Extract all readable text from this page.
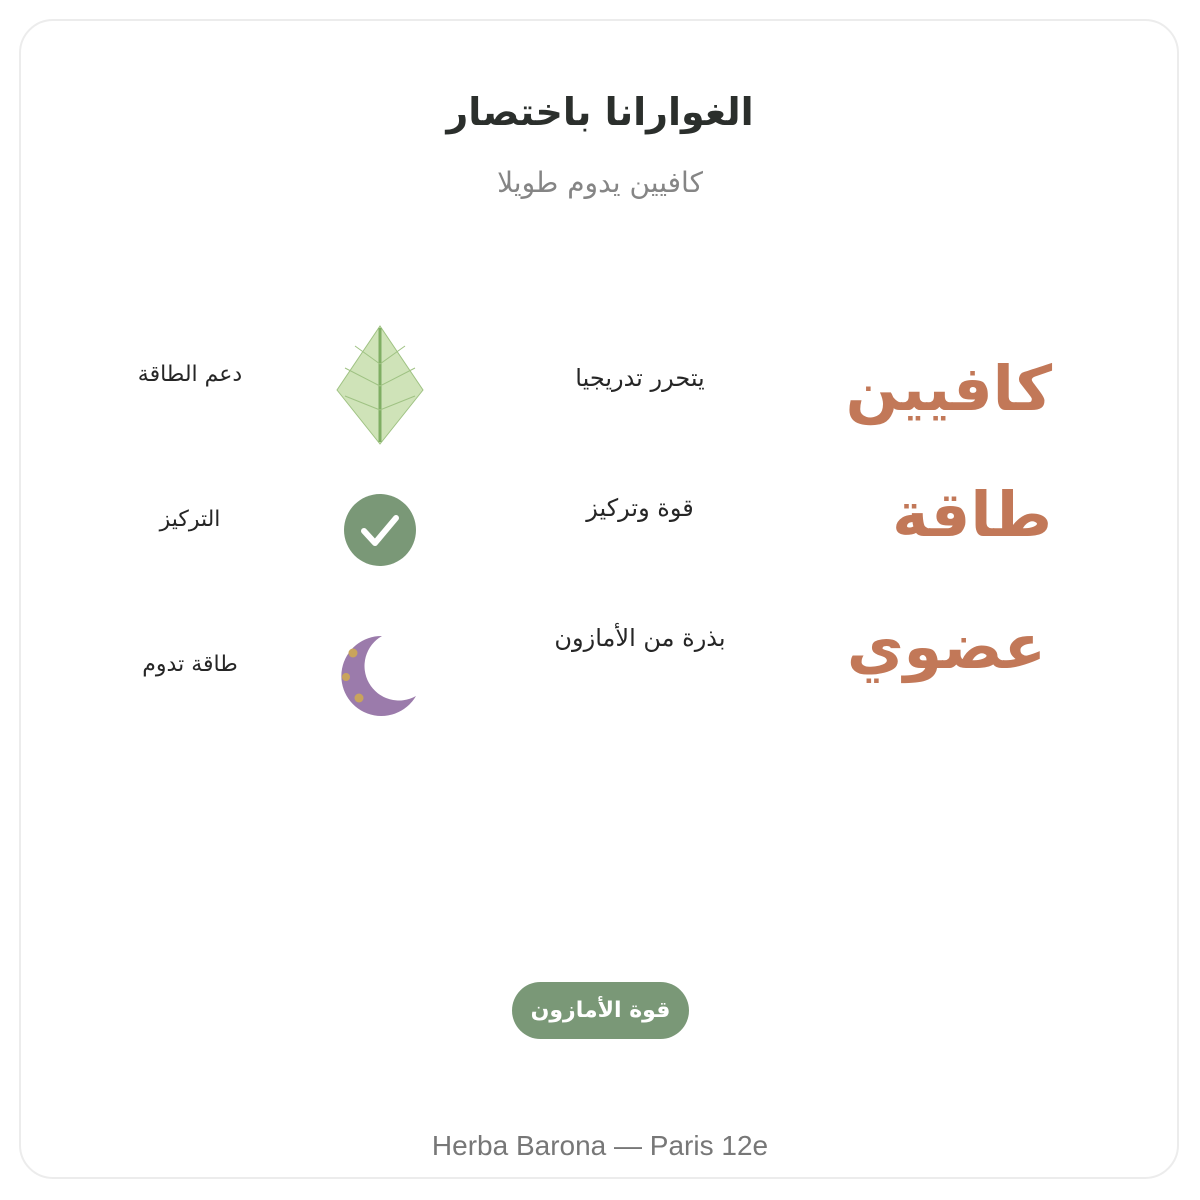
الغوارانا باختصار
كافيين يدوم طويلا
كافيين
يتحرر تدريجيا
دعم الطاقة
طاقة
قوة وتركيز
التركيز
عضوي
بذرة من الأمازون
طاقة تدوم
قوة الأمازون
Herba Barona — Paris 12e
